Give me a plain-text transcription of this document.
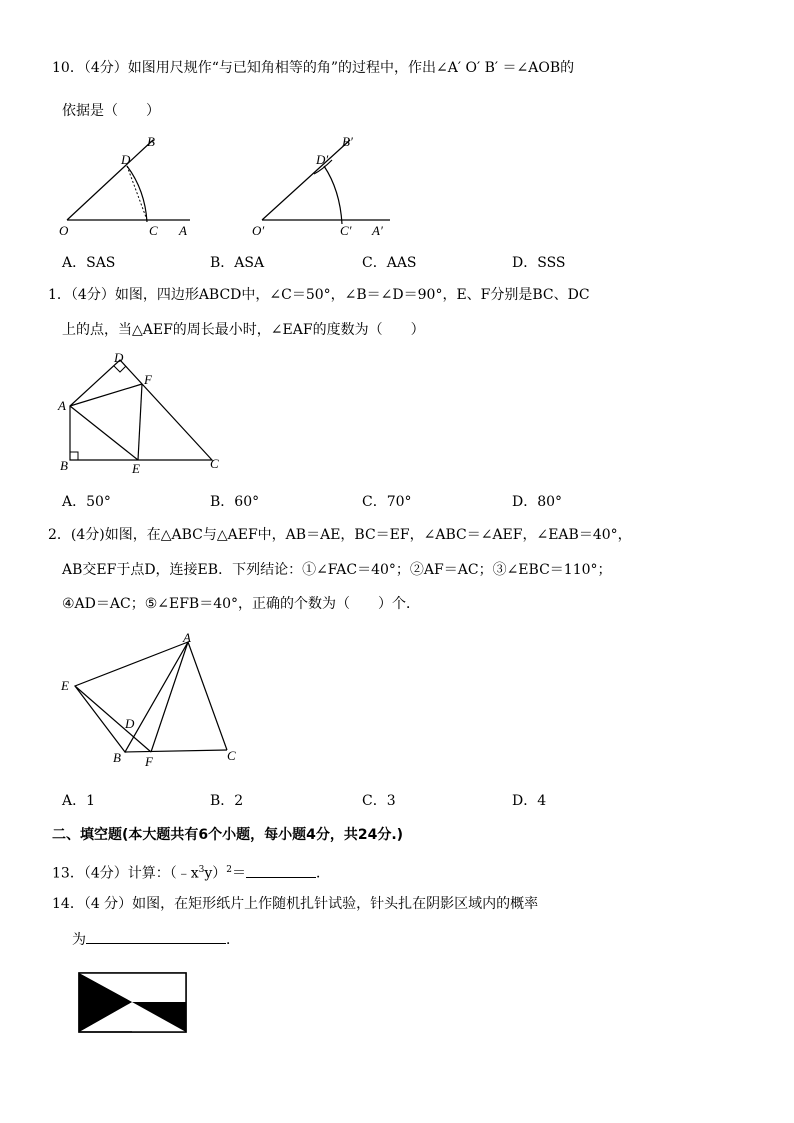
10．（4分）如图用尺规作“与已知角相等的角”的过程中，作出∠A′ O′ B′ ＝∠AOB的
依据是（　　）
O	C A
D
B
O′	C′ A′
D′
B′
A．SAS	B．ASA	C．AAS	D．SSS
1．（4分）如图，四边形ABCD中，∠C＝50°，∠B＝∠D＝90°，E、F分别是BC、DC
上的点，当△AEF的周长最小时，∠EAF的度数为（　　）
D
F
A
B	E	C
A．50°	B．60°	C．70°	D．80°
2．(4分)如图，在△ABC与△AEF中，AB＝AE，BC＝EF，∠ABC＝∠AEF，∠EAB＝40°，
AB交EF于点D，连接EB．下列结论：①∠FAC＝40°；②AF＝AC；③∠EBC＝110°；
④AD＝AC；⑤∠EFB＝40°，正确的个数为（　　）个．
A
E
D
B F	C
A．1	B．2	C．3	D．4
二、填空题(本大题共有6个小题，每小题4分，共24分.)
13．（4分）计算：$(﹣x^3y)^2=$	．
14．（4 分）如图，在矩形纸片上作随机扎针试验，针头扎在阴影区域内的概率
为	．
